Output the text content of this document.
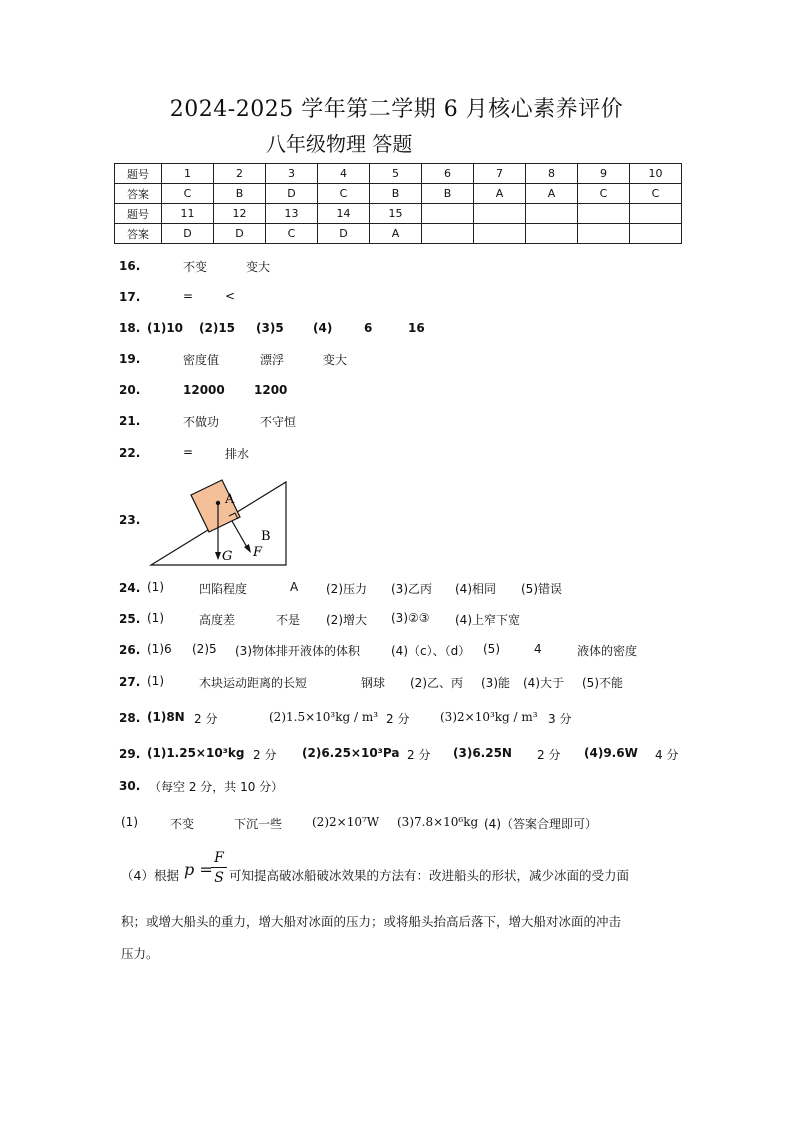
2024-2025 学年第二学期 6 月核心素养评价
八年级物理 答题
题号	1	2	3	4	5	6	7	8	9	10
答案	C	B	D	C	B	B	A	A	C	C
题号	11	12	13	14	15					
答案	D	D	C	D	A					
16.	不变	变大
17.	=	<
18. (1)10 (2)15 (3)5 (4)	6	16
19.	密度值	漂浮	变大
20.	12000 1200
21.	不做功	不守恒
22.	=	排水
23.
A
B
G F
24. (1)	凹陷程度	A (2)压力 (3)乙丙 (4)相同 (5)错误
25. (1)	高度差	不是 (2)增大 (3)②③ (4)上窄下宽
26. (1)6 (2)5 (3)物体排开液体的体积	(4)（c）、（d） (5)	4	液体的密度
27. (1)	木块运动距离的长短	钢球 (2)乙、丙 (3)能 (4)大于 (5)不能
28. (1)8N 2 分	(2)1.5×10³kg / m³ 2 分	(3)2×10³kg / m³ 3 分
29. (1)1.25×10³kg 2 分 (2)6.25×10³Pa 2 分 (3)6.25N 2 分 (4)9.6W 4 分
30. （每空 2 分，共 10 分）
(1)	不变	下沉一些 (2)2×10⁷W (3)7.8×10⁶kg (4)（答案合理即可）
（4）根据 p =
F
S 可知提高破冰船破冰效果的方法有：改进船头的形状，减少冰面的受力面
积；或增大船头的重力，增大船对冰面的压力；或将船头抬高后落下，增大船对冰面的冲击
压力。
